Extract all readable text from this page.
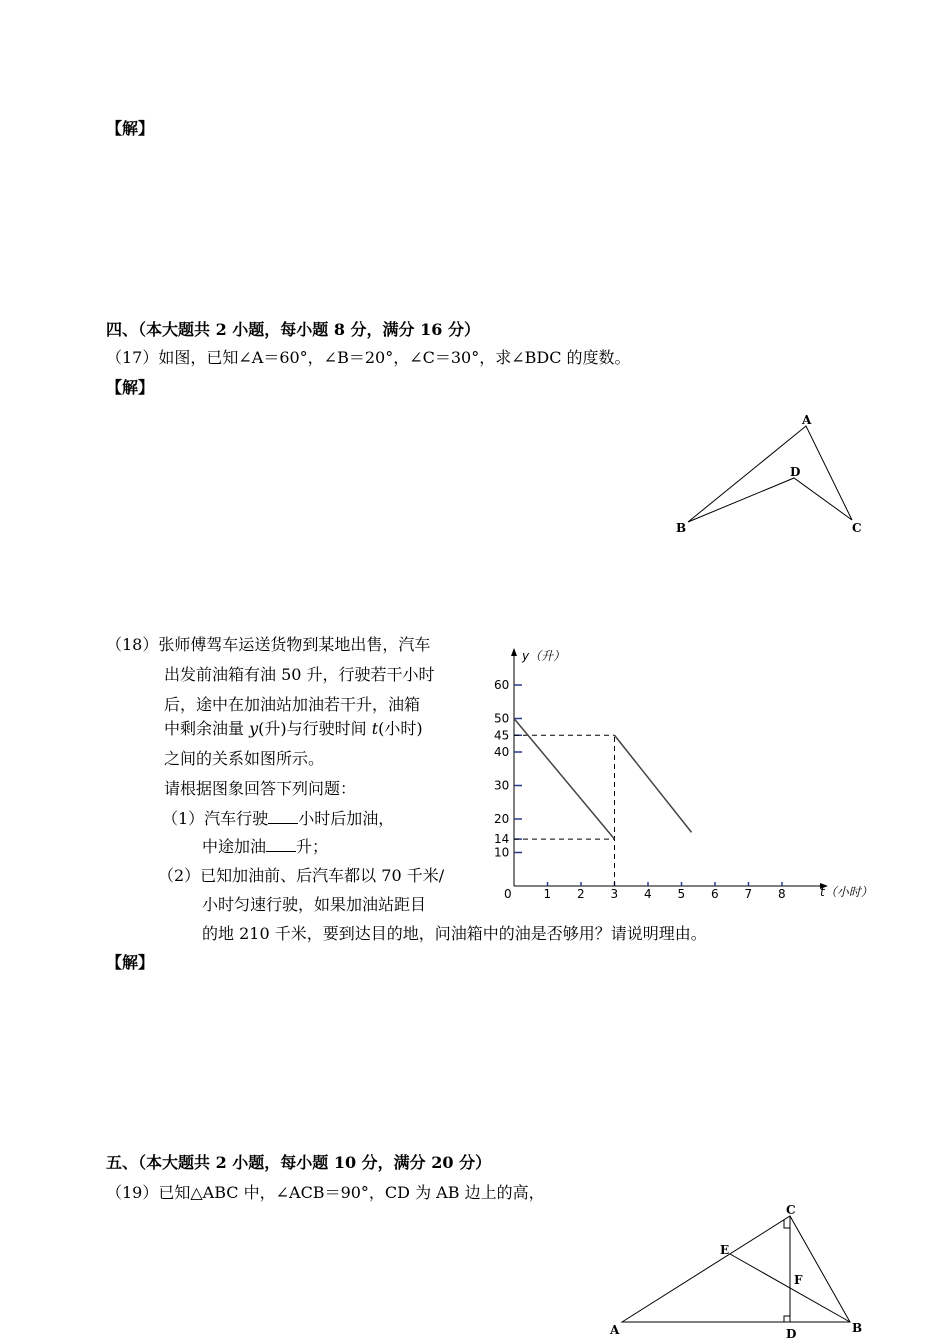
【解】
四、（本大题共 2 小题，每小题 8 分，满分 16 分）
（17）如图，已知∠A＝60°，∠B＝20°，∠C＝30°，求∠BDC 的度数。
【解】
A
B	C
D
（18）张师傅驾车运送货物到某地出售，汽车
出发前油箱有油 50 升，行驶若干小时
后，途中在加油站加油若干升，油箱
中剩余油量 y(升)与行驶时间 t(小时)
之间的关系如图所示。
请根据图象回答下列问题：
（1）汽车行驶 小时后加油，
中途加油 升；
（2）已知加油前、后汽车都以 70 千米/
小时匀速行驶，如果加油站距目
的地 210 千米，要到达目的地，问油箱中的油是否够用？请说明理由。
【解】
0	1 2 3 4 5 6 7 8
10
14
20
30
40
45
50
60
y（升）
t（小时）
五、（本大题共 2 小题，每小题 10 分，满分 20 分）
（19）已知△ABC 中，∠ACB＝90°，CD 为 AB 边上的高，
A	B
C
D
E
F
